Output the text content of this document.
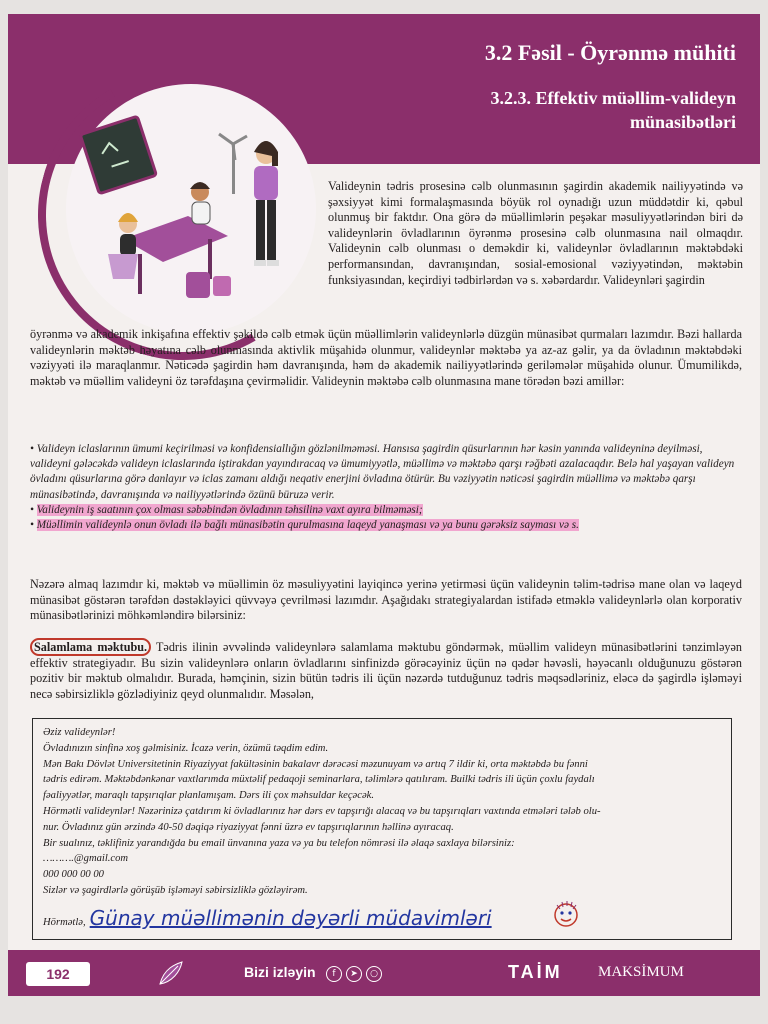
3.2 Fəsil - Öyrənmə mühiti
3.2.3. Effektiv müəllim-valideyn münasibətləri
Valideynin tədris prosesinə cəlb olunmasının şagirdin akademik nailiyyətində və şəxsiyyət kimi formalaşmasında böyük rol oynadığı uzun müddətdir ki, qəbul olunmuş bir faktdır. Ona görə də müəllimlərin peşəkar məsuliyyətlərindən biri də valideynlərin övladlarının öyrənmə prosesinə cəlb olunmasına nail olmaqdır. Valideynin cəlb olunması o deməkdir ki, valideynlər övladlarının məktəbdəki performansından, davranışından, sosial-emosional vəziyyətindən, məktəbin funksiyasından, keçirdiyi tədbirlərdən və s. xəbərdardır. Valideynləri şagirdin
öyrənmə və akademik inkişafına effektiv şəkildə cəlb etmək üçün müəllimlərin valideynlərlə düzgün münasibət qurmaları lazımdır. Bəzi hallarda valideynlərin məktəb həyatına cəlb olunmasında aktivlik müşahidə olunmur, valideynlər məktəbə ya az-az gəlir, ya da övladının məktəbdəki vəziyyəti ilə maraqlanmır. Nəticədə şagirdin həm davranışında, həm də akademik nailiyyətlərində geriləmələr müşahidə olunur. Ümumilikdə, məktəb və müəllim valideyni öz tərəfdaşına çevirməlidir. Valideynin məktəbə cəlb olunmasına mane törədən bəzi amillər:

• Valideyn iclaslarının ümumi keçirilməsi və konfidensiallığın gözlənilməməsi. Hansısa şagirdin qüsurlarının hər kəsin yanında valideyninə deyilməsi, valideyni gələcəkdə valideyn iclaslarında iştirakdan yayındıracaq və ümumiyyətlə, müəllimə və məktəbə qarşı rəğbəti azalacaqdır. Belə hal yaşayan valideyn övladını qüsurlarına görə danlayır və iclas zamanı aldığı neqativ enerjini övladına ötürür. Bu vəziyyətin nəticəsi şagirdin müəllimə və məktəbə qarşı münasibətində, davranışında və nailiyyətlərində özünü büruzə verir.

• Valideynin iş saatının çox olması səbəbindən övladının təhsilinə vaxt ayıra bilməməsi;

• Müəllimin valideynlə onun övladı ilə bağlı münasibətin qurulmasına laqeyd yanaşması və ya bunu gərəksiz sayması və s.

Nəzərə almaq lazımdır ki, məktəb və müəllimin öz məsuliyyətini layiqincə yerinə yetirməsi üçün valideynin təlim-tədrisə mane olan və laqeyd münasibət göstərən tərəfdən dəstəkləyici qüvvəyə çevrilməsi lazımdır. Aşağıdakı strategiyalardan istifadə etməklə valideynlərlə olan korporativ münasibətlərinizi möhkəmləndirə bilərsiniz:
Salamlama məktubu. Tədris ilinin əvvəlində valideynlərə salamlama məktubu göndərmək, müəllim valideyn münasibətlərini tənzimləyən effektiv strategiyadır. Bu sizin valideynlərə onların övladlarını sinfinizdə görəcəyiniz üçün nə qədər həvəsli, həyəcanlı olduğunuzu göstərən pozitiv bir məktub olmalıdır. Burada, həmçinin, sizin bütün tədris ili üçün nəzərdə tutduğunuz tədris məqsədləriniz, eləcə də şagirdlə işləməyi necə səbirsizliklə gözlədiyiniz qeyd olunmalıdır. Məsələn,
Əziz valideynlər!
Övladınızın sinfinə xoş gəlmisiniz. İcazə verin, özümü təqdim edim.
Mən Bakı Dövlət Universitetinin Riyaziyyat fakültəsinin bakalavr dərəcəsi məzunuyam və artıq 7 ildir ki, orta məktəbdə bu fənni
tədris edirəm. Məktəbdənkənar vaxtlarımda müxtəlif pedaqoji seminarlara, təlimlərə qatılıram. Builki tədris ili üçün çoxlu faydalı
fəaliyyətlər, maraqlı tapşırıqlar planlamışam. Dərs ili çox məhsuldar keçəcək.
Hörmətli valideynlər! Nəzərinizə çatdırım ki övladlarınız hər dərs ev tapşırığı alacaq və bu tapşırıqları vaxtında etmələri tələb olu-
nur. Övladınız gün ərzində 40-50 dəqiqə riyaziyyat fənni üzrə ev tapşırıqlarının həllinə ayıracaq.
Bir sualınız, təklifiniz yarandığda bu email ünvanına yaza və ya bu telefon nömrəsi ilə əlaqə saxlaya bilərsiniz:
……….@gmail.com
000 000 00 00
Sizlər və şagirdlərlə görüşüb işləməyi səbirsizliklə gözləyirəm.
Hörmətlə, Günay müəllimənin dəyərli müdavimləri
192	Bizi izləyin	f	➤	○	TAİM MAKSİMUM
